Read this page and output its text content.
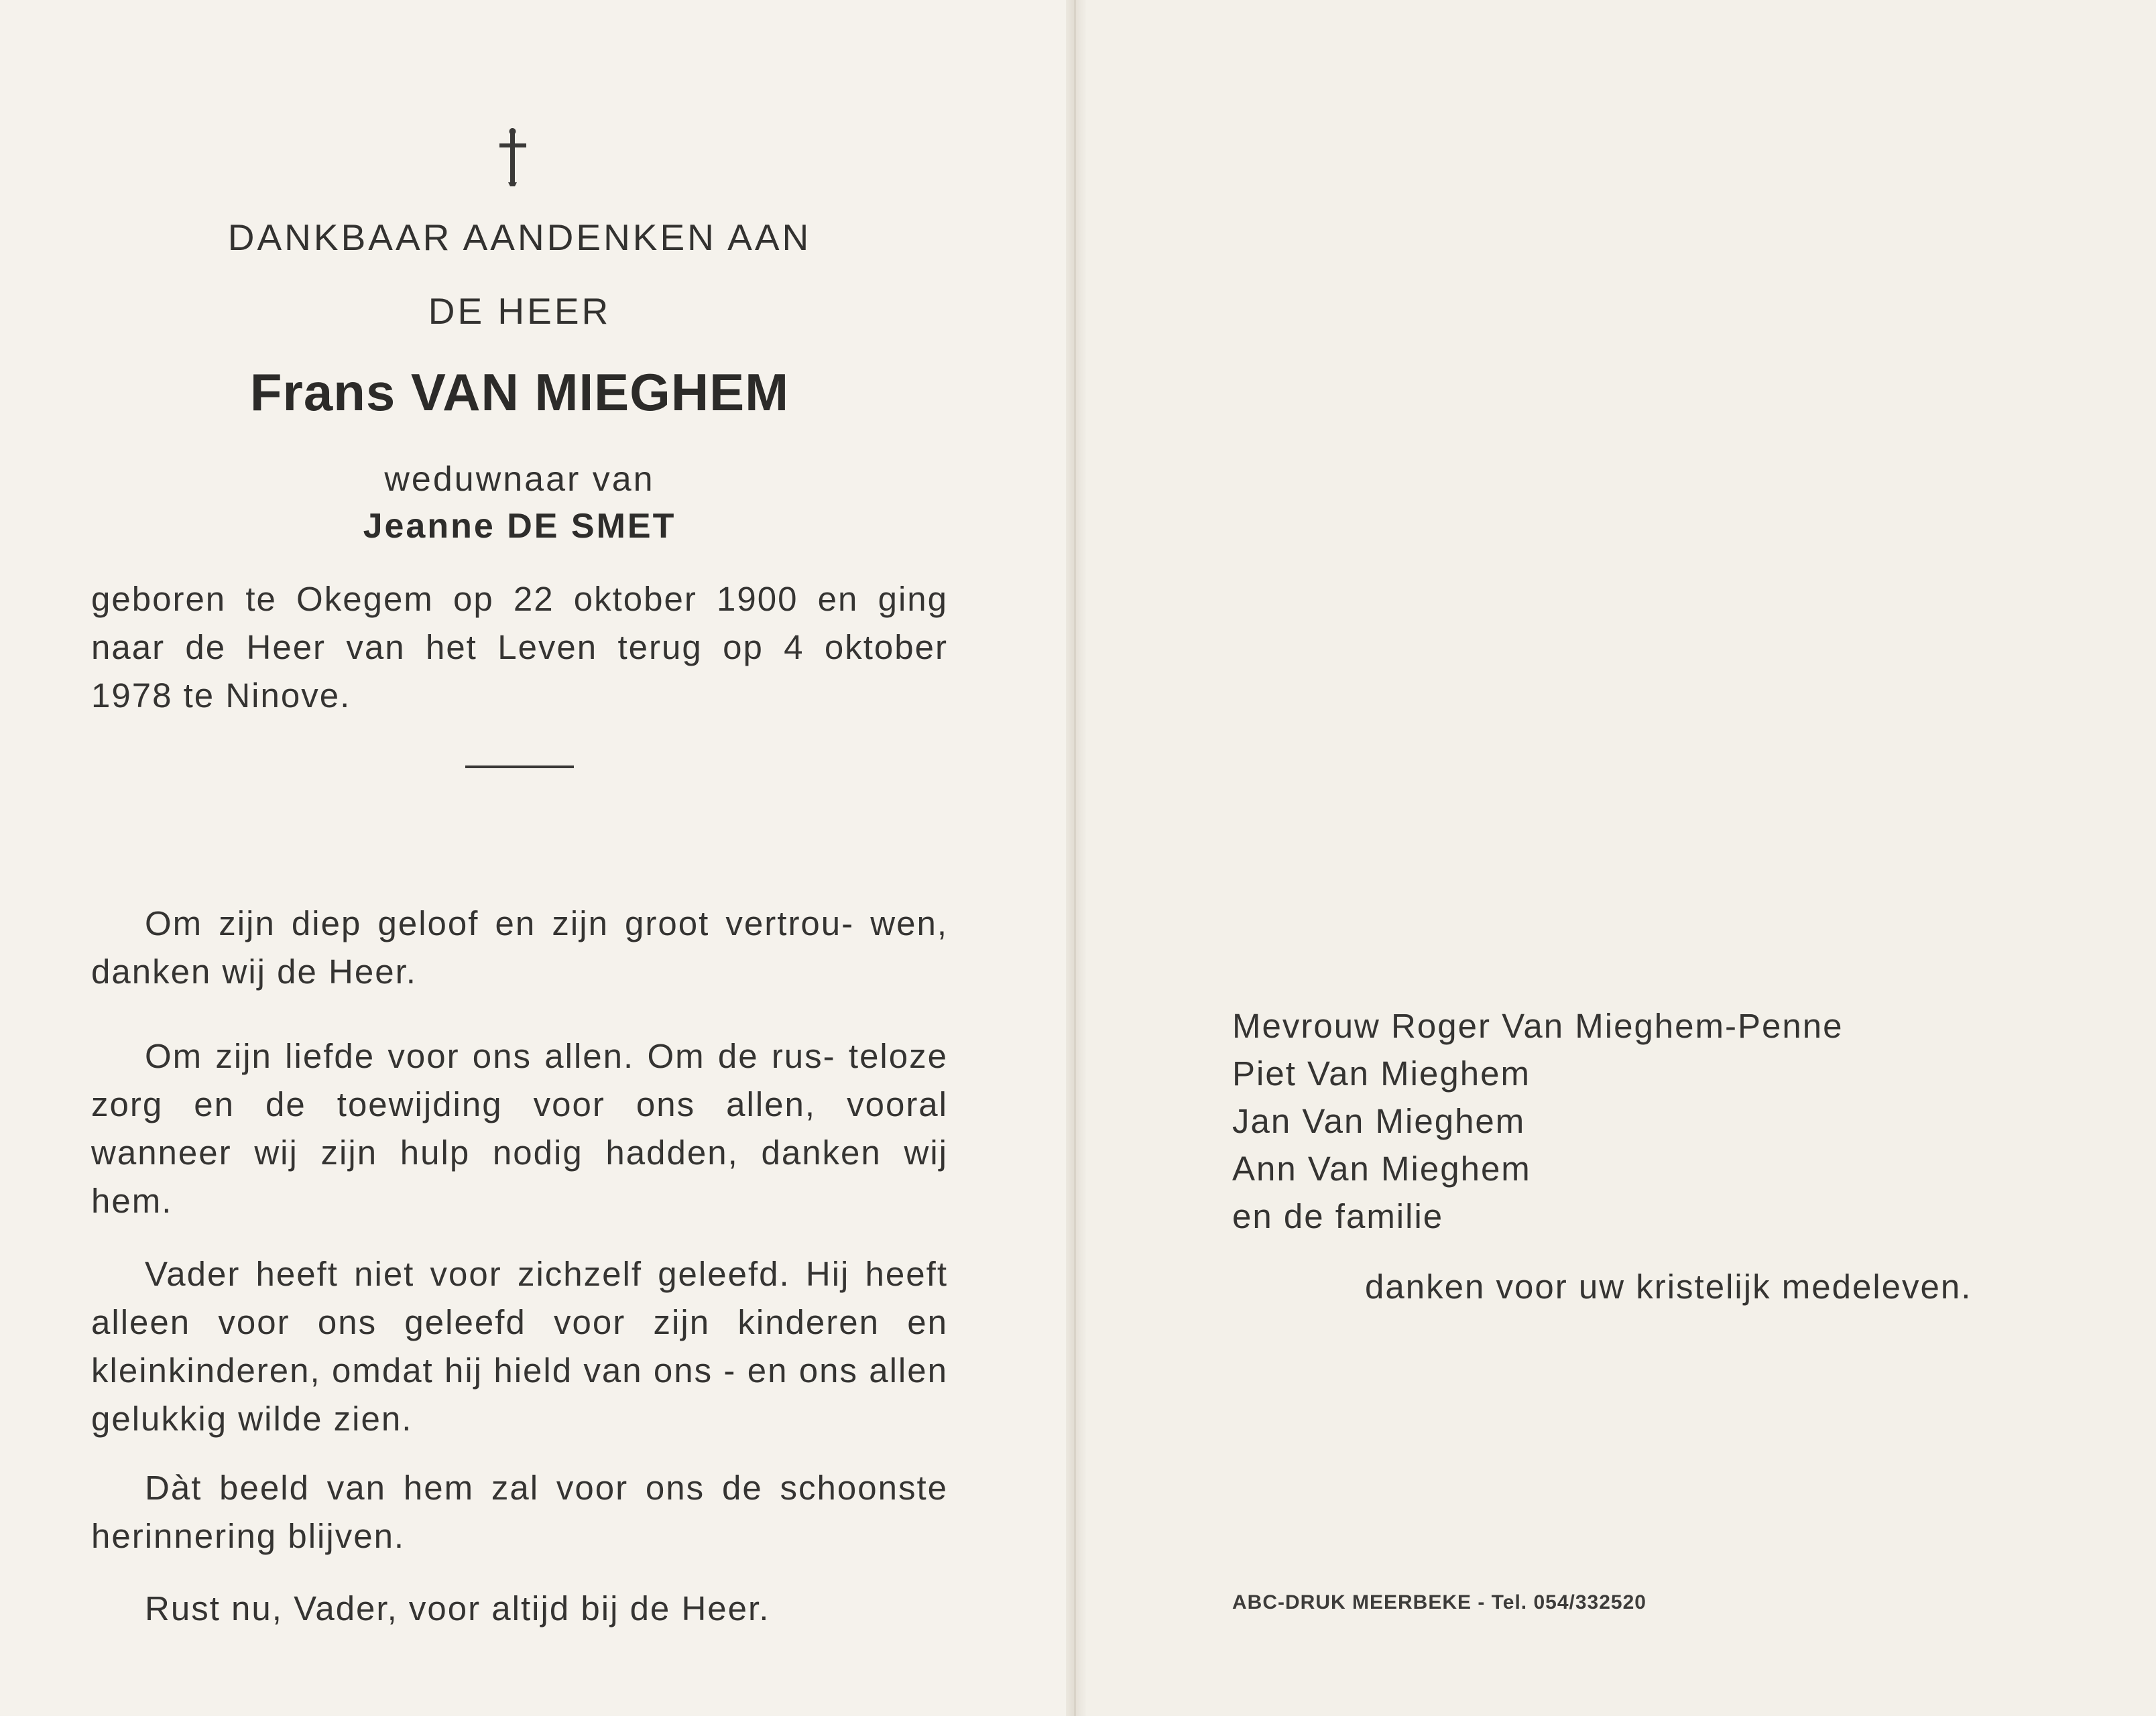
DANKBAAR AANDENKEN AAN
DE HEER
Frans VAN MIEGHEM
weduwnaar van
Jeanne DE SMET
geboren te Okegem op 22 oktober 1900 en ging naar de Heer van het Leven terug op 4 oktober 1978 te Ninove.
Om zijn diep geloof en zijn groot vertrou- wen, danken wij de Heer.
Om zijn liefde voor ons allen. Om de rus- teloze zorg en de toewijding voor ons allen, vooral wanneer wij zijn hulp nodig hadden, danken wij hem.
Vader heeft niet voor zichzelf geleefd. Hij heeft alleen voor ons geleefd voor zijn kinderen en kleinkinderen, omdat hij hield van ons - en ons allen gelukkig wilde zien.
Dàt beeld van hem zal voor ons de schoonste herinnering blijven.
Rust nu, Vader, voor altijd bij de Heer.
Mevrouw Roger Van Mieghem-Penne
Piet Van Mieghem
Jan Van Mieghem
Ann Van Mieghem
en de familie
danken voor uw kristelijk medeleven.
ABC-DRUK MEERBEKE - Tel. 054/332520
